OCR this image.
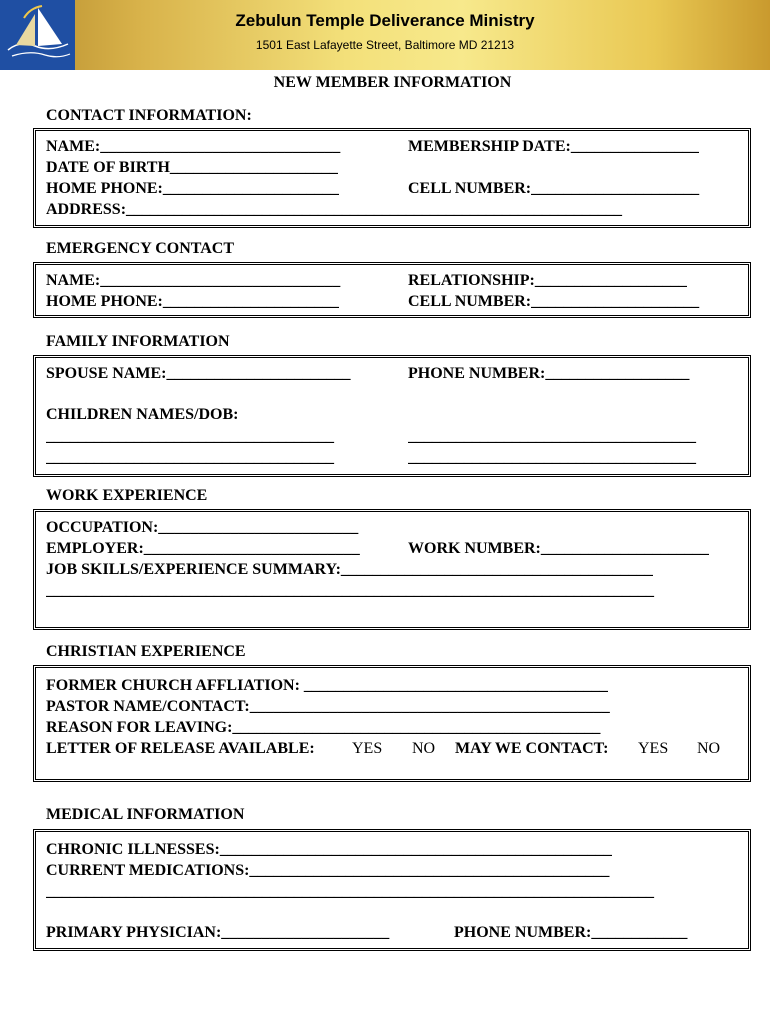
Zebulun Temple Deliverance Ministry
1501 East Lafayette Street, Baltimore MD 21213
NEW MEMBER INFORMATION
CONTACT INFORMATION:
NAME:______________________________	MEMBERSHIP DATE:________________
DATE OF BIRTH_____________________
HOME PHONE:______________________	CELL NUMBER:_____________________
ADDRESS:______________________________________________________________
EMERGENCY CONTACT
NAME:______________________________	RELATIONSHIP:___________________
HOME PHONE:______________________	CELL NUMBER:_____________________
FAMILY INFORMATION
SPOUSE NAME:_______________________	PHONE NUMBER:__________________
CHILDREN NAMES/DOB:
____________________________________	____________________________________
____________________________________	____________________________________
WORK EXPERIENCE
OCCUPATION:_________________________
EMPLOYER:___________________________	WORK NUMBER:_____________________
JOB SKILLS/EXPERIENCE SUMMARY:_______________________________________
____________________________________________________________________________
CHRISTIAN EXPERIENCE
FORMER CHURCH AFFLIATION: ______________________________________
PASTOR NAME/CONTACT:_____________________________________________
REASON FOR LEAVING:______________________________________________
LETTER OF RELEASE AVAILABLE: YES NO MAY WE CONTACT: YES NO
MEDICAL INFORMATION
CHRONIC ILLNESSES:_________________________________________________
CURRENT MEDICATIONS:_____________________________________________
____________________________________________________________________________
PRIMARY PHYSICIAN:_____________________	PHONE NUMBER:____________
